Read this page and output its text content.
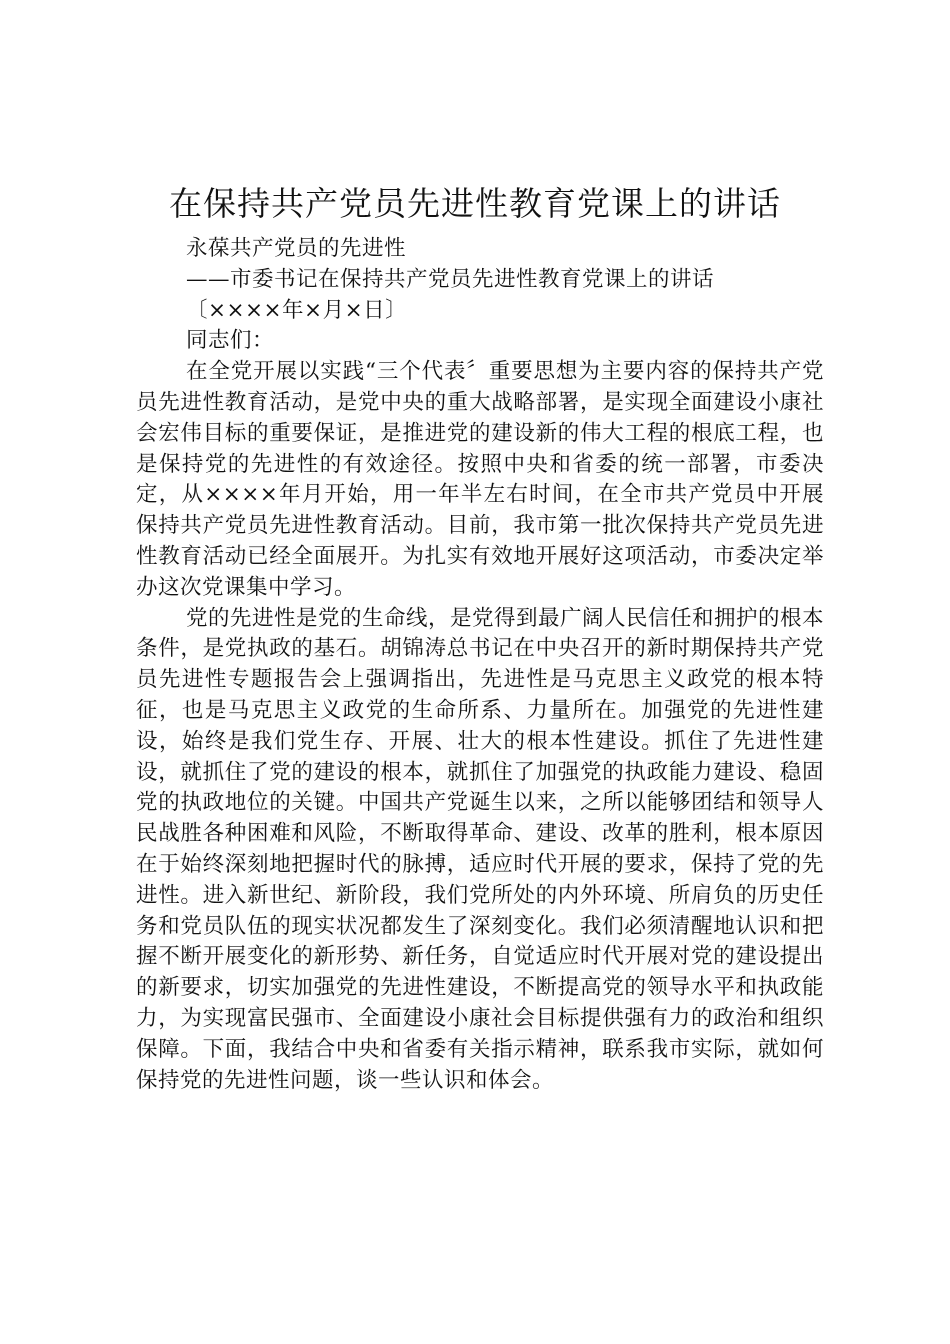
在保持共产党员先进性教育党课上的讲话

永葆共产党员的先进性

——市委书记在保持共产党员先进性教育党课上的讲话

〔××××年×月×日〕

同志们：

在全党开展以实践“三个代表〞重要思想为主要内容的保持共产党员先进性教育活动，是党中央的重大战略部署，是实现全面建设小康社会宏伟目标的重要保证，是推进党的建设新的伟大工程的根底工程，也是保持党的先进性的有效途径。按照中央和省委的统一部署，市委决定，从××××年月开始，用一年半左右时间，在全市共产党员中开展保持共产党员先进性教育活动。目前，我市第一批次保持共产党员先进性教育活动已经全面展开。为扎实有效地开展好这项活动，市委决定举办这次党课集中学习。

党的先进性是党的生命线，是党得到最广阔人民信任和拥护的根本条件，是党执政的基石。胡锦涛总书记在中央召开的新时期保持共产党员先进性专题报告会上强调指出，先进性是马克思主义政党的根本特征，也是马克思主义政党的生命所系、力量所在。加强党的先进性建设，始终是我们党生存、开展、壮大的根本性建设。抓住了先进性建设，就抓住了党的建设的根本，就抓住了加强党的执政能力建设、稳固党的执政地位的关键。中国共产党诞生以来，之所以能够团结和领导人民战胜各种困难和风险，不断取得革命、建设、改革的胜利，根本原因在于始终深刻地把握时代的脉搏，适应时代开展的要求，保持了党的先进性。进入新世纪、新阶段，我们党所处的内外环境、所肩负的历史任务和党员队伍的现实状况都发生了深刻变化。我们必须清醒地认识和把握不断开展变化的新形势、新任务，自觉适应时代开展对党的建设提出的新要求，切实加强党的先进性建设，不断提高党的领导水平和执政能力，为实现富民强市、全面建设小康社会目标提供强有力的政治和组织保障。下面，我结合中央和省委有关指示精神，联系我市实际，就如何保持党的先进性问题，谈一些认识和体会。
